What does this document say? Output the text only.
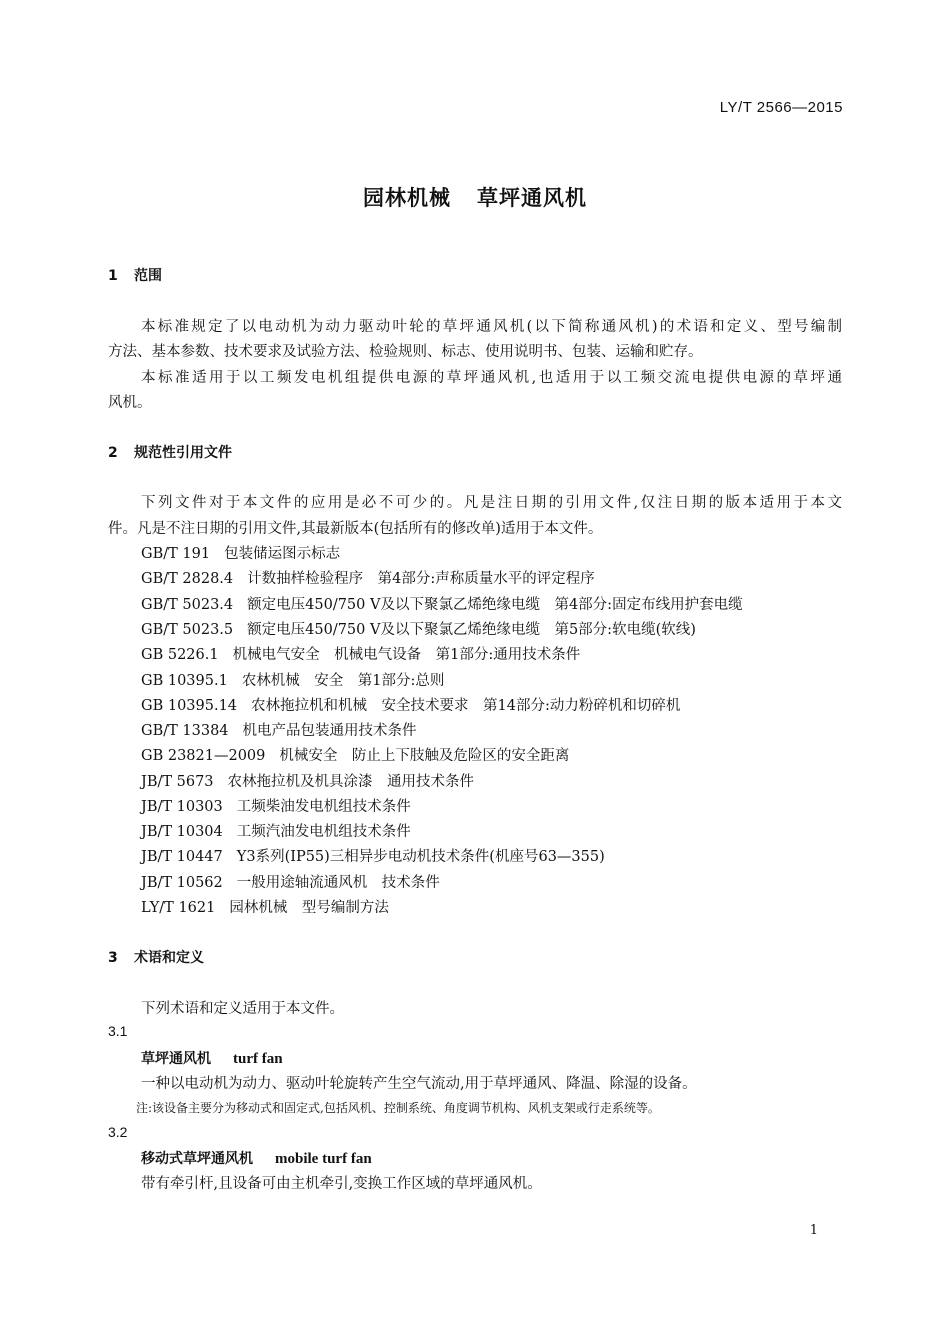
LY/T 2566—2015
园林机械 草坪通风机
1 范围
本标准规定了以电动机为动力驱动叶轮的草坪通风机(以下简称通风机)的术语和定义、型号编制
方法、基本参数、技术要求及试验方法、检验规则、标志、使用说明书、包装、运输和贮存。
本标准适用于以工频发电机组提供电源的草坪通风机,也适用于以工频交流电提供电源的草坪通
风机。
2 规范性引用文件
下列文件对于本文件的应用是必不可少的。凡是注日期的引用文件,仅注日期的版本适用于本文
件。凡是不注日期的引用文件,其最新版本(包括所有的修改单)适用于本文件。
GB/T 191 包装储运图示标志
GB/T 2828.4 计数抽样检验程序　第4部分:声称质量水平的评定程序
GB/T 5023.4 额定电压450/750 V及以下聚氯乙烯绝缘电缆　第4部分:固定布线用护套电缆
GB/T 5023.5 额定电压450/750 V及以下聚氯乙烯绝缘电缆　第5部分:软电缆(软线)
GB 5226.1 机械电气安全　机械电气设备　第1部分:通用技术条件
GB 10395.1 农林机械　安全　第1部分:总则
GB 10395.14 农林拖拉机和机械　安全技术要求　第14部分:动力粉碎机和切碎机
GB/T 13384 机电产品包装通用技术条件
GB 23821—2009 机械安全　防止上下肢触及危险区的安全距离
JB/T 5673 农林拖拉机及机具涂漆　通用技术条件
JB/T 10303 工频柴油发电机组技术条件
JB/T 10304 工频汽油发电机组技术条件
JB/T 10447 Y3系列(IP55)三相异步电动机技术条件(机座号63—355)
JB/T 10562 一般用途轴流通风机　技术条件
LY/T 1621 园林机械　型号编制方法
3 术语和定义
下列术语和定义适用于本文件。
3.1
草坪通风机 turf fan
一种以电动机为动力、驱动叶轮旋转产生空气流动,用于草坪通风、降温、除湿的设备。
注:该设备主要分为移动式和固定式,包括风机、控制系统、角度调节机构、风机支架或行走系统等。
3.2
移动式草坪通风机 mobile turf fan
带有牵引杆,且设备可由主机牵引,变换工作区域的草坪通风机。
1
